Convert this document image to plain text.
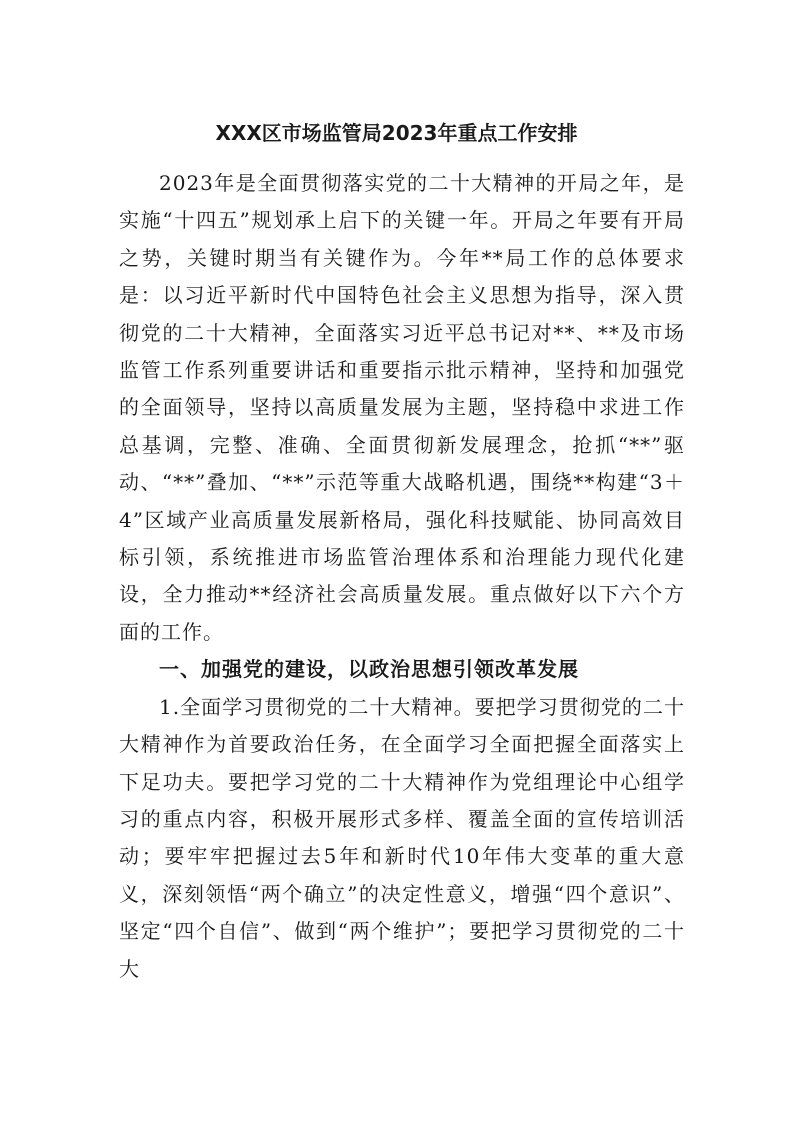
XXX区市场监管局2023年重点工作安排

2023年是全面贯彻落实党的二十大精神的开局之年，是实施“十四五”规划承上启下的关键一年。开局之年要有开局之势，关键时期当有关键作为。今年**局工作的总体要求是：以习近平新时代中国特色社会主义思想为指导，深入贯彻党的二十大精神，全面落实习近平总书记对**、**及市场监管工作系列重要讲话和重要指示批示精神，坚持和加强党的全面领导，坚持以高质量发展为主题，坚持稳中求进工作总基调，完整、准确、全面贯彻新发展理念，抢抓“**”驱动、“**”叠加、“**”示范等重大战略机遇，围绕**构建“3＋4”区域产业高质量发展新格局，强化科技赋能、协同高效目标引领，系统推进市场监管治理体系和治理能力现代化建设，全力推动**经济社会高质量发展。重点做好以下六个方面的工作。

一、加强党的建设，以政治思想引领改革发展

1.全面学习贯彻党的二十大精神。要把学习贯彻党的二十大精神作为首要政治任务，在全面学习全面把握全面落实上下足功夫。要把学习党的二十大精神作为党组理论中心组学习的重点内容，积极开展形式多样、覆盖全面的宣传培训活动；要牢牢把握过去5年和新时代10年伟大变革的重大意义，深刻领悟“两个确立”的决定性意义，增强“四个意识”、坚定“四个自信”、做到“两个维护”；要把学习贯彻党的二十大
